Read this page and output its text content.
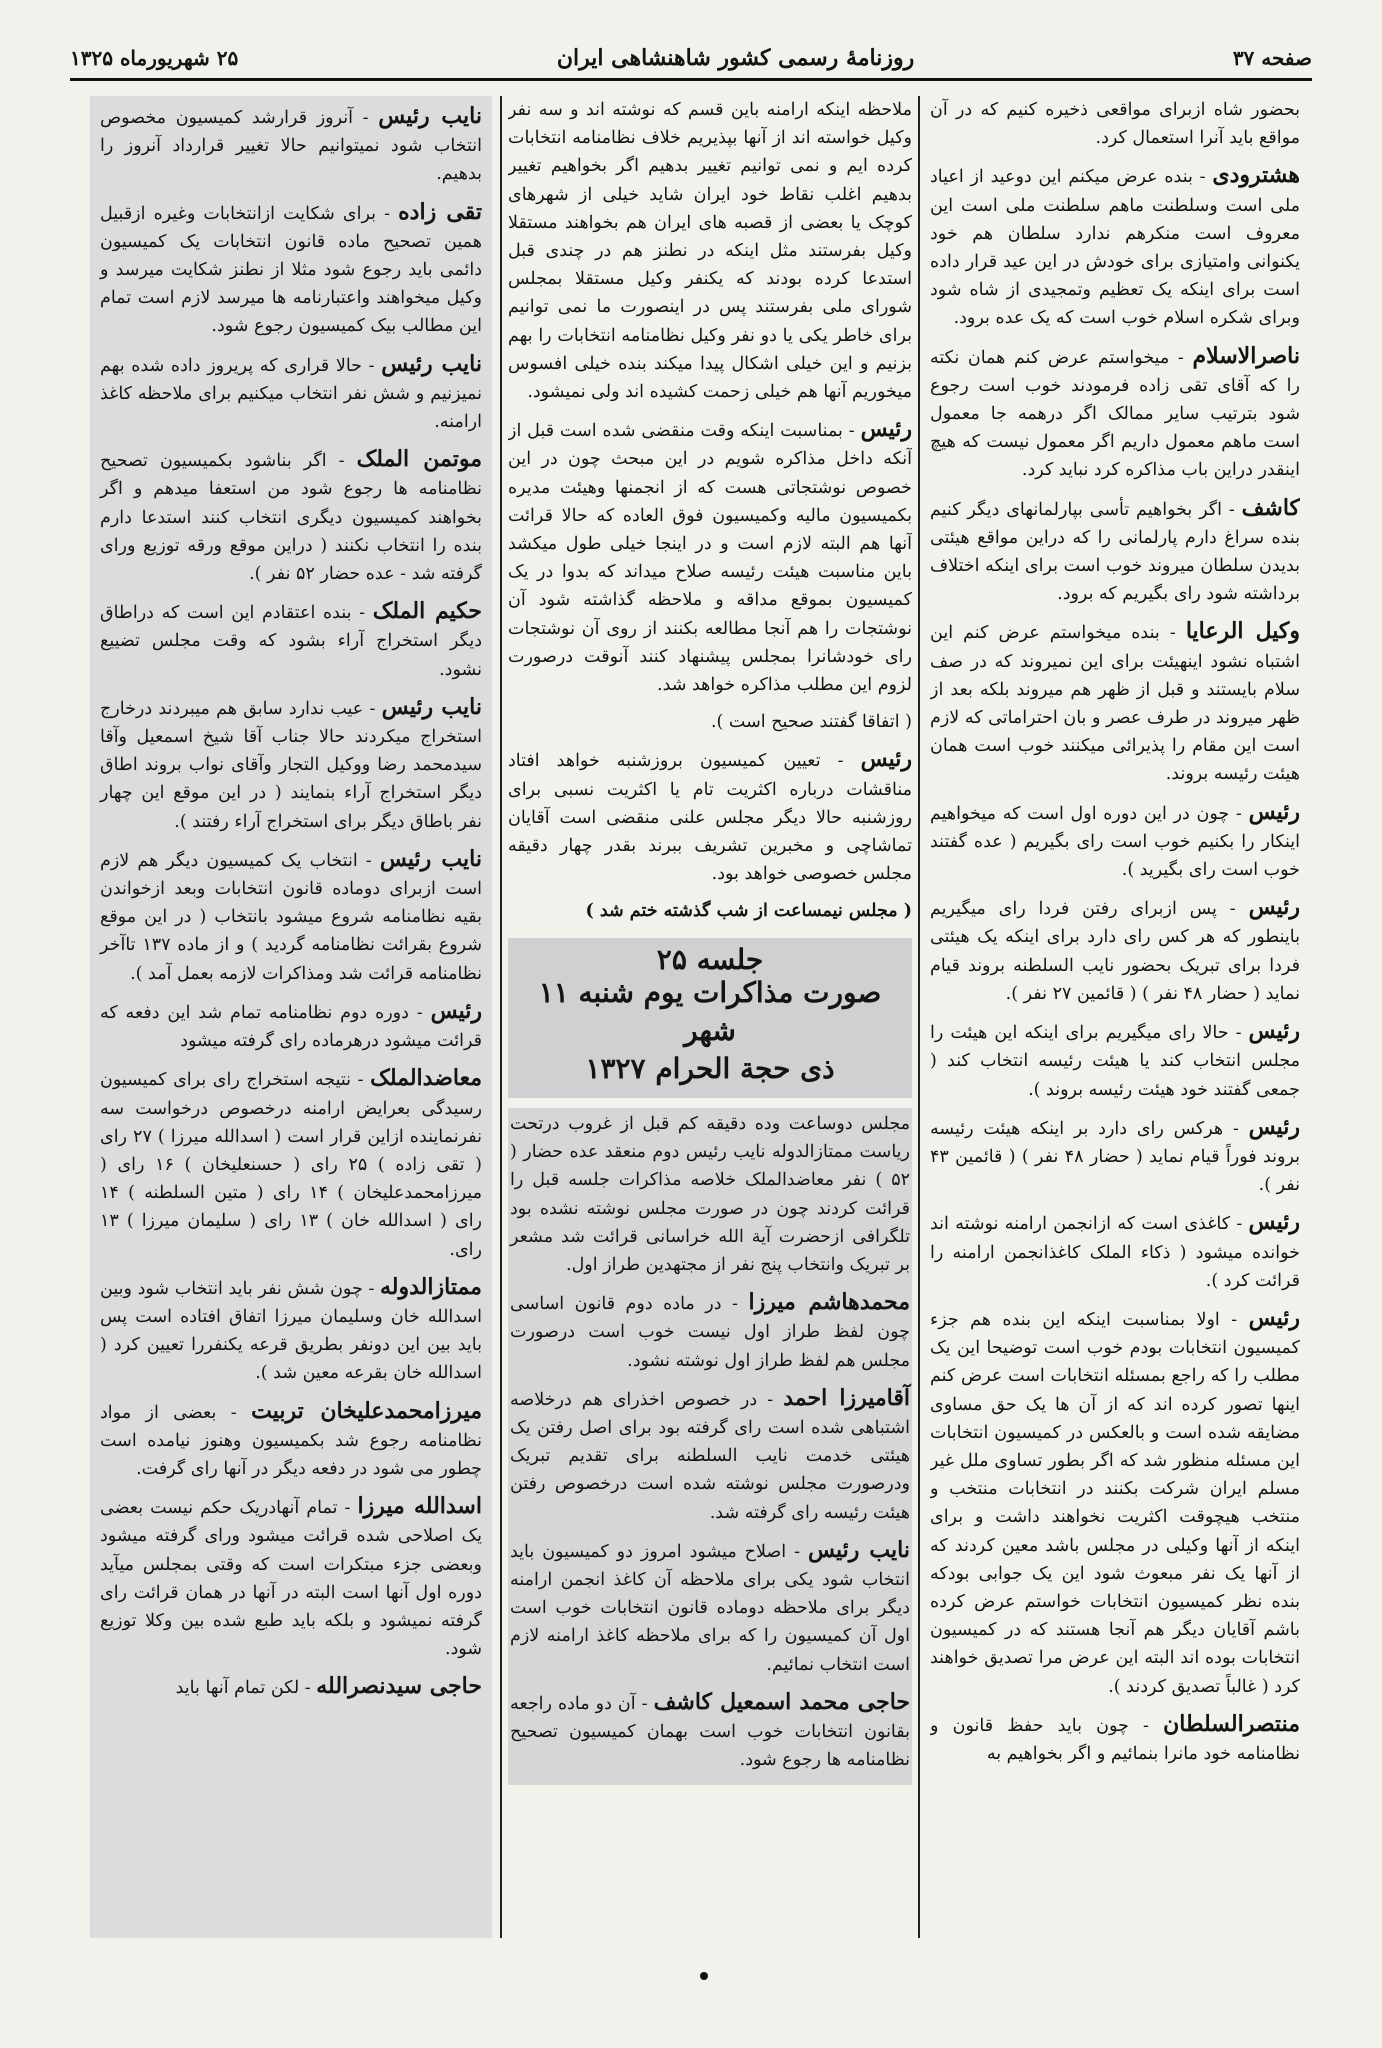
صفحه ۳۷
روزنامهٔ رسمی کشور شاهنشاهی ایران
۲۵ شهریورماه ۱۳۲۵

بحضور شاه ازبرای مواقعی ذخیره کنیم که در آن مواقع باید آنرا استعمال کرد.

هشترودی - بنده عرض میکنم این دوعید از اعیاد ملی است وسلطنت ماهم سلطنت ملی است این معروف است منکرهم ندارد سلطان هم خود یکنوانی وامتیازی برای خودش در این عید قرار داده است برای اینکه یک تعظیم وتمجیدی از شاه شود وبرای شکره اسلام خوب است که یک عده برود.

ناصرالاسلام - میخواستم عرض کنم همان نکته را که آقای تقی زاده فرمودند خوب است رجوع شود بترتیب سایر ممالک اگر درهمه جا معمول است ماهم معمول داریم اگر معمول نیست که هیچ اینقدر دراین باب مذاکره کرد نباید کرد.

کاشف - اگر بخواهیم تأسی بپارلمانهای دیگر کنیم بنده سراغ دارم پارلمانی را که دراین مواقع هیئتی بدیدن سلطان میروند خوب است برای اینکه اختلاف برداشته شود رای بگیریم که برود.

وکیل الرعایا - بنده میخواستم عرض کنم این اشتباه نشود اینهیئت برای این نمیروند که در صف سلام بایستند و قبل از ظهر هم میروند بلکه بعد از ظهر میروند در طرف عصر و بان احتراماتی که لازم است این مقام را پذیرائی میکنند خوب است همان هیئت رئیسه بروند.

رئیس - چون در این دوره اول است که میخواهیم اینکار را بکنیم خوب است رای بگیریم ( عده گفتند خوب است رای بگیرید ).

رئیس - پس ازبرای رفتن فردا رای میگیریم باینطور که هر کس رای دارد برای اینکه یک هیئتی فردا برای تبریک بحضور نایب السلطنه بروند قیام نماید ( حضار ۴۸ نفر ) ( قائمین ۲۷ نفر ).

رئیس - حالا رای میگیریم برای اینکه این هیئت را مجلس انتخاب کند یا هیئت رئیسه انتخاب کند ( جمعی گفتند خود هیئت رئیسه بروند ).

رئیس - هرکس رای دارد بر اینکه هیئت رئیسه بروند فوراً قیام نماید ( حضار ۴۸ نفر ) ( قائمین ۴۳ نفر ).

رئیس - کاغذی است که ازانجمن ارامنه نوشته اند خوانده میشود ( ذکاء الملک کاغذانجمن ارامنه را قرائت کرد ).

رئیس - اولا بمناسبت اینکه این بنده هم جزء کمیسیون انتخابات بودم خوب است توضیحا این یک مطلب را که راجع بمسئله انتخابات است عرض کنم اینها تصور کرده اند که از آن ها یک حق مساوی مضایقه شده است و بالعکس در کمیسیون انتخابات این مسئله منظور شد که اگر بطور تساوی ملل غیر مسلم ایران شرکت بکنند در انتخابات منتخب و منتخب هیچوقت اکثریت نخواهند داشت و برای اینکه از آنها وکیلی در مجلس باشد معین کردند که از آنها یک نفر مبعوث شود این یک جوابی بودکه بنده نظر کمیسیون انتخابات خواستم عرض کرده باشم آقایان دیگر هم آنجا هستند که در کمیسیون انتخابات بوده اند البته این عرض مرا تصدیق خواهند کرد ( غالباً تصدیق کردند ).

منتصرالسلطان - چون باید حفظ قانون و نظامنامه خود مانرا بنمائیم و اگر بخواهیم به

ملاحظه اینکه ارامنه باین قسم که نوشته اند و سه نفر وکیل خواسته اند از آنها بپذیریم خلاف نظامنامه انتخابات کرده ایم و نمی توانیم تغییر بدهیم اگر بخواهیم تغییر بدهیم اغلب نقاط خود ایران شاید خیلی از شهرهای کوچک یا بعضی از قصبه های ایران هم بخواهند مستقلا وکیل بفرستند مثل اینکه در نطنز هم در چندی قبل استدعا کرده بودند که یکنفر وکیل مستقلا بمجلس شورای ملی بفرستند پس در اینصورت ما نمی توانیم برای خاطر یکی یا دو نفر وکیل نظامنامه انتخابات را بهم بزنیم و این خیلی اشکال پیدا میکند بنده خیلی افسوس میخوریم آنها هم خیلی زحمت کشیده اند ولی نمیشود.

رئیس - بمناسبت اینکه وقت منقضی شده است قبل از آنکه داخل مذاکره شویم در این مبحث چون در این خصوص نوشتجاتی هست که از انجمنها وهیئت مدیره بکمیسیون مالیه وکمیسیون فوق العاده که حالا قرائت آنها هم البته لازم است و در اینجا خیلی طول میکشد باین مناسبت هیئت رئیسه صلاح میداند که بدوا در یک کمیسیون بموقع مداقه و ملاحظه گذاشته شود آن نوشتجات را هم آنجا مطالعه بکنند از روی آن نوشتجات رای خودشانرا بمجلس پیشنهاد کنند آنوقت درصورت لزوم این مطلب مذاکره خواهد شد.

( اتفاقا گفتند صحیح است ).

رئیس - تعیین کمیسیون بروزشنبه خواهد افتاد مناقشات درباره اکثریت تام یا اکثریت نسبی برای روزشنبه حالا دیگر مجلس علنی منقضی است آقایان تماشاچی و مخبرین تشریف ببرند بقدر چهار دقیقه مجلس خصوصی خواهد بود.

( مجلس نیمساعت از شب گذشته ختم شد )
جلسه ۲۵
صورت مذاکرات یوم شنبه ۱۱ شهر
ذی حجة الحرام ۱۳۲۷

مجلس دوساعت وده دقیقه کم قبل از غروب درتحت ریاست ممتازالدوله نایب رئیس دوم منعقد عده حضار ( ۵۲ ) نفر معاضدالملک خلاصه مذاکرات جلسه قبل را قرائت کردند چون در صورت مجلس نوشته نشده بود تلگرافی ازحضرت آیة الله خراسانی قرائت شد مشعر بر تبریک وانتخاب پنج نفر از مجتهدین طراز اول.

محمدهاشم میرزا - در ماده دوم قانون اساسی چون لفظ طراز اول نیست خوب است درصورت مجلس هم لفظ طراز اول نوشته نشود.

آقامیرزا احمد - در خصوص اخذرای هم درخلاصه اشتباهی شده است رای گرفته بود برای اصل رفتن یک هیئتی خدمت نایب السلطنه برای تقدیم تبریک ودرصورت مجلس نوشته شده است درخصوص رفتن هیئت رئیسه رای گرفته شد.

نایب رئیس - اصلاح میشود امروز دو کمیسیون باید انتخاب شود یکی برای ملاحظه آن کاغذ انجمن ارامنه دیگر برای ملاحظه دوماده قانون انتخابات خوب است اول آن کمیسیون را که برای ملاحظه کاغذ ارامنه لازم است انتخاب نمائیم.

حاجی محمد اسمعیل کاشف - آن دو ماده راجعه بقانون انتخابات خوب است بهمان کمیسیون تصحیح نظامنامه ها رجوع شود.

نایب رئیس - آنروز قرارشد کمیسیون مخصوص انتخاب شود نمیتوانیم حالا تغییر قرارداد آنروز را بدهیم.

تقی زاده - برای شکایت ازانتخابات وغیره ازقبیل همین تصحیح ماده قانون انتخابات یک کمیسیون دائمی باید رجوع شود مثلا از نطنز شکایت میرسد و وکیل میخواهند واعتبارنامه ها میرسد لازم است تمام این مطالب بیک کمیسیون رجوع شود.

نایب رئیس - حالا قراری که پریروز داده شده بهم نمیزنیم و شش نفر انتخاب میکنیم برای ملاحظه کاغذ ارامنه.

موتمن الملک - اگر بناشود بکمیسیون تصحیح نظامنامه ها رجوع شود من استعفا میدهم و اگر بخواهند کمیسیون دیگری انتخاب کنند استدعا دارم بنده را انتخاب نکنند ( دراین موقع ورقه توزیع ورای گرفته شد - عده حضار ۵۲ نفر ).

حکیم الملک - بنده اعتقادم این است که دراطاق دیگر استخراج آراء بشود که وقت مجلس تضییع نشود.

نایب رئیس - عیب ندارد سابق هم میبردند درخارج استخراج میکردند حالا جناب آقا شیخ اسمعیل وآقا سیدمحمد رضا ووکیل التجار وآقای نواب بروند اطاق دیگر استخراج آراء بنمایند ( در این موقع این چهار نفر باطاق دیگر برای استخراج آراء رفتند ).

نایب رئیس - انتخاب یک کمیسیون دیگر هم لازم است ازبرای دوماده قانون انتخابات وبعد ازخواندن بقیه نظامنامه شروع میشود بانتخاب ( در این موقع شروع بقرائت نظامنامه گردید ) و از ماده ۱۳۷ تاآخر نظامنامه قرائت شد ومذاکرات لازمه بعمل آمد ).

رئیس - دوره دوم نظامنامه تمام شد این دفعه که قرائت میشود درهرماده رای گرفته میشود

معاضدالملک - نتیجه استخراج رای برای کمیسیون رسیدگی بعرایض ارامنه درخصوص درخواست سه نفرنماینده ازاین قرار است ( اسدالله میرزا ) ۲۷ رای ( تقی زاده ) ۲۵ رای ( حسنعلیخان ) ۱۶ رای ( میرزامحمدعلیخان ) ۱۴ رای ( متین السلطنه ) ۱۴ رای ( اسدالله خان ) ۱۳ رای ( سلیمان میرزا ) ۱۳ رای.

ممتازالدوله - چون شش نفر باید انتخاب شود وبین اسدالله خان وسلیمان میرزا اتفاق افتاده است پس باید بین این دونفر بطریق قرعه یکنفررا تعیین کرد ( اسدالله خان بقرعه معین شد ).

میرزامحمدعلیخان تربیت - بعضی از مواد نظامنامه رجوع شد بکمیسیون وهنوز نیامده است چطور می شود در دفعه دیگر در آنها رای گرفت.

اسدالله میرزا - تمام آنهادریک حکم نیست بعضی یک اصلاحی شده قرائت میشود ورای گرفته میشود وبعضی جزء مبتکرات است که وقتی بمجلس میآید دوره اول آنها است البته در آنها در همان قرائت رای گرفته نمیشود و بلکه باید طبع شده بین وکلا توزیع شود.

حاجی سیدنصرالله - لکن تمام آنها باید
